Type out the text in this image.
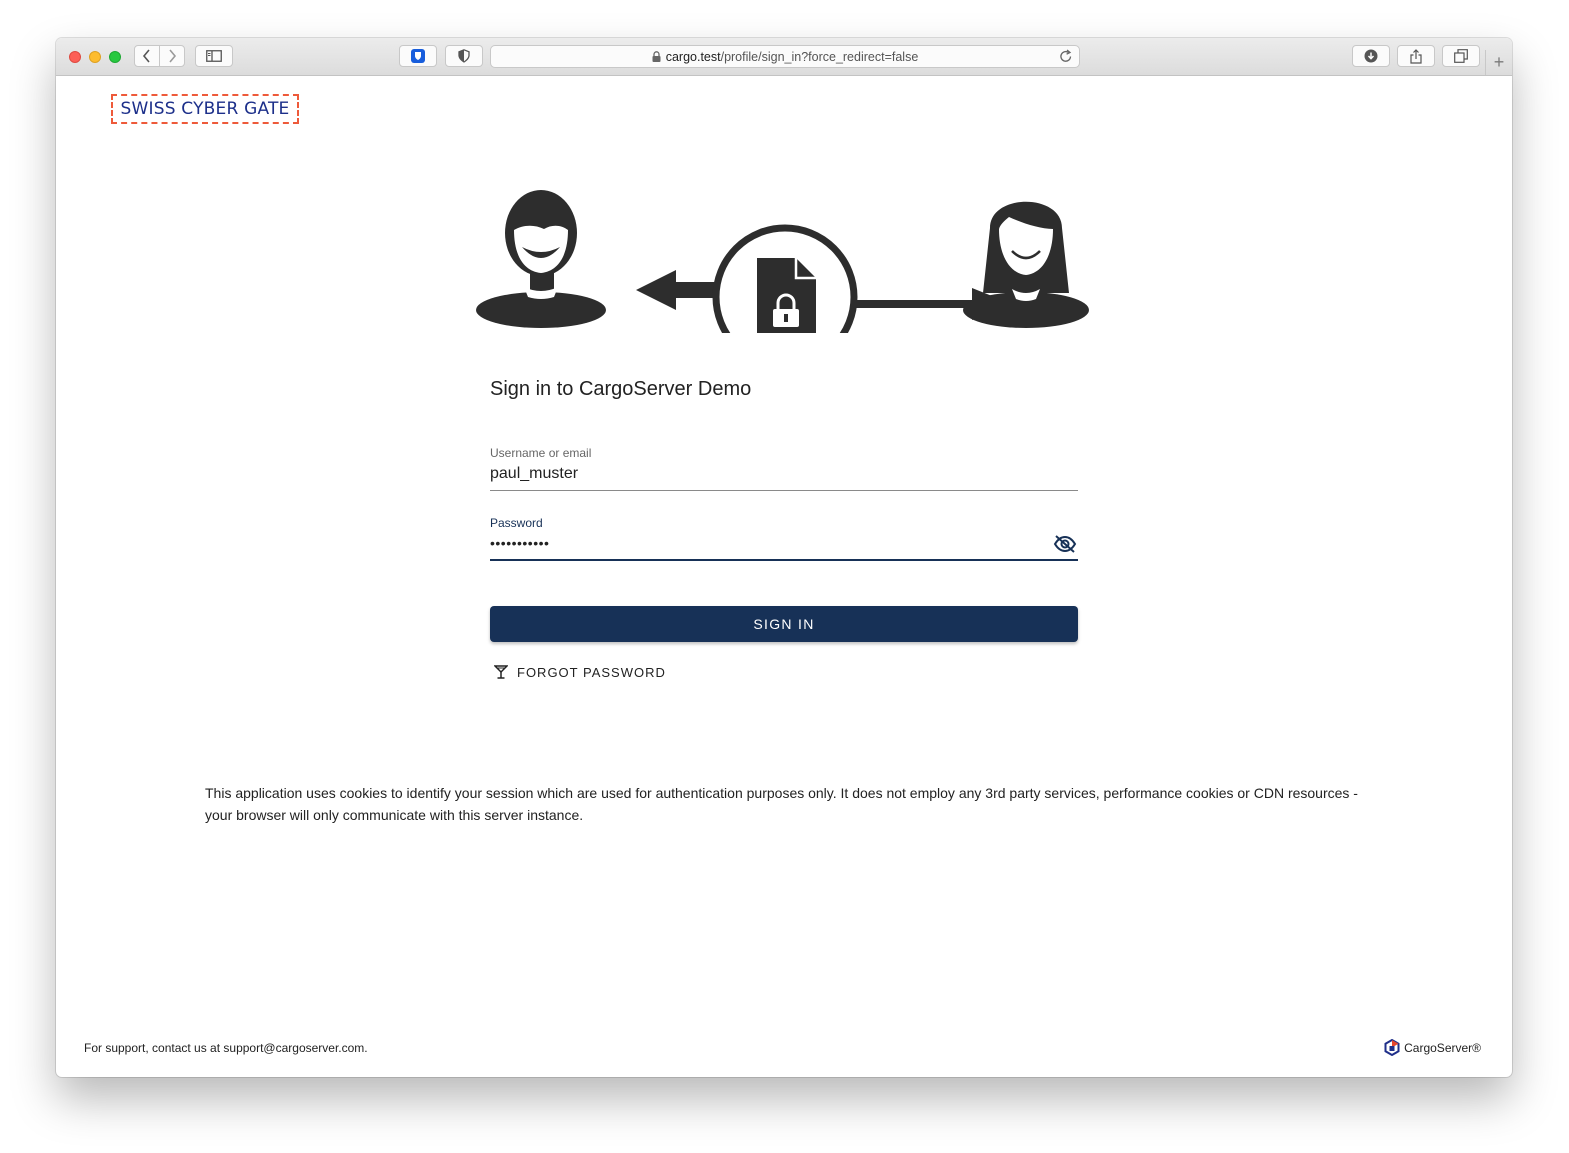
cargo.test /profile/sign_in?force_redirect=false	+
SWISS CYBER GATE
Sign in to CargoServer Demo
Username or email
paul_muster
Password
•••••••••••
SIGN IN
FORGOT PASSWORD
This application uses cookies to identify your session which are used for authentication purposes only. It does not employ any 3rd party services, performance cookies or CDN resources -
your browser will only communicate with this server instance.
For support, contact us at support@cargoserver.com.	CargoServer®
